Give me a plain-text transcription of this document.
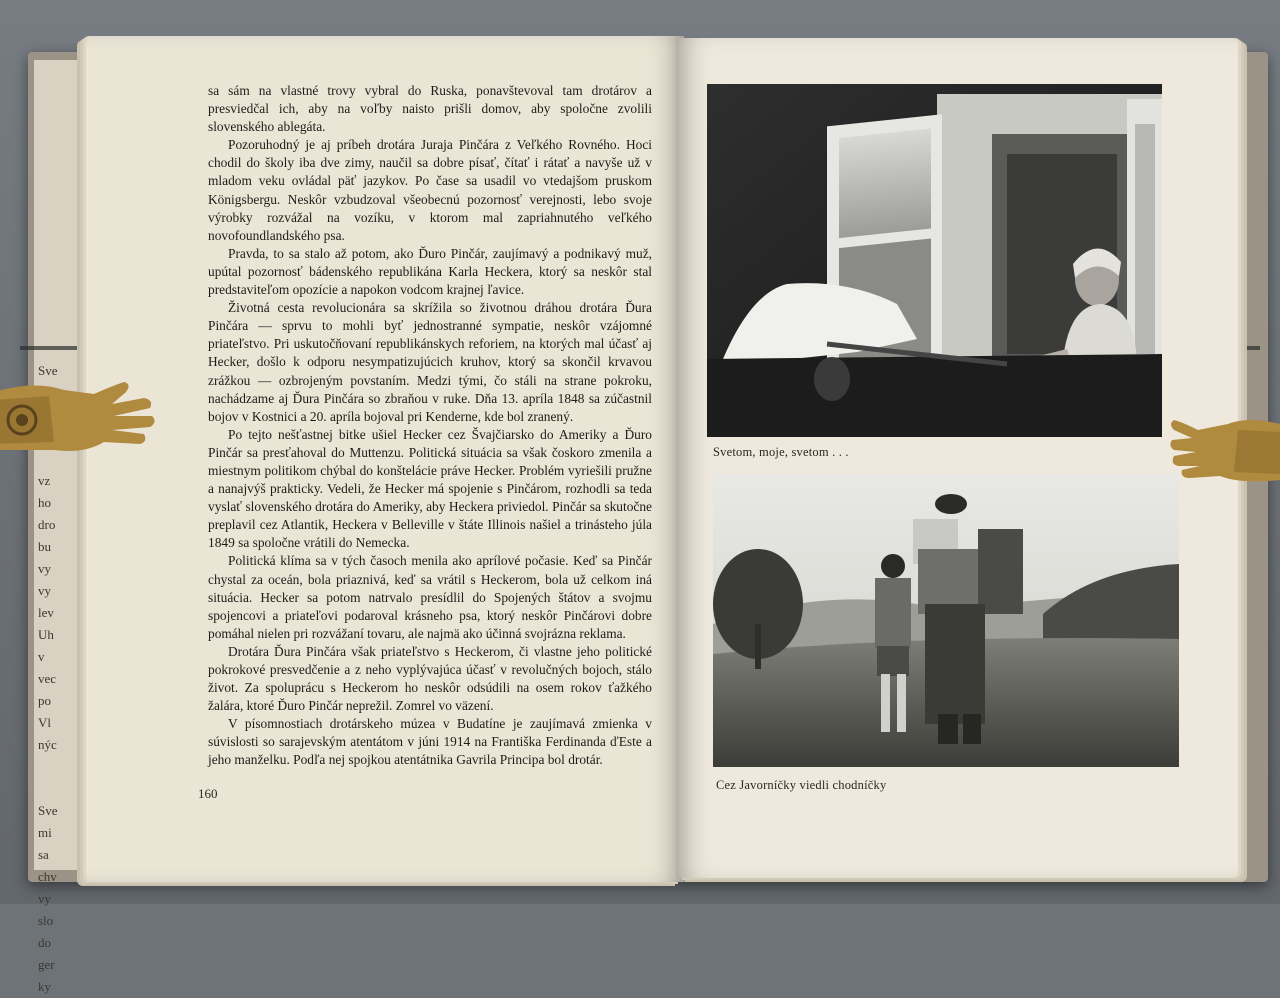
Sve

vz
ho
dro
bu
vy
vy
lev
Uh
v
vec
po
Vl
nýc

Sve
mi
sa
chv
vy
slo
do
ger
ky

sa sám na vlastné trovy vybral do Ruska, ponavštevoval tam drotárov a presviedčal ich, aby na voľby naisto prišli domov, aby spoločne zvolili slovenského ablegáta.

Pozoruhodný je aj príbeh drotára Juraja Pinčára z Veľkého Rovného. Hoci chodil do školy iba dve zimy, naučil sa dobre písať, čítať i rátať a navyše už v mladom veku ovládal päť jazykov. Po čase sa usadil vo vtedajšom pruskom Königsbergu. Neskôr vzbudzoval všeobecnú pozornosť verejnosti, lebo svoje výrobky rozvážal na vozíku, v ktorom mal zapriahnutého veľkého novofoundlandského psa.

Pravda, to sa stalo až potom, ako Ďuro Pinčár, zaujímavý a podnikavý muž, upútal pozornosť bádenského republikána Karla Heckera, ktorý sa neskôr stal predstaviteľom opozície a napokon vodcom krajnej ľavice.

Životná cesta revolucionára sa skrížila so životnou dráhou drotára Ďura Pinčára — sprvu to mohli byť jednostranné sympatie, neskôr vzájomné priateľstvo. Pri uskutočňovaní republikánskych reforiem, na ktorých mal účasť aj Hecker, došlo k odporu nesympatizujúcich kruhov, ktorý sa skončil krvavou zrážkou — ozbrojeným povstaním. Medzi tými, čo stáli na strane pokroku, nachádzame aj Ďura Pinčára so zbraňou v ruke. Dňa 13. apríla 1848 sa zúčastnil bojov v Kostnici a 20. apríla bojoval pri Kenderne, kde bol zranený.

Po tejto nešťastnej bitke ušiel Hecker cez Švajčiarsko do Ameriky a Ďuro Pinčár sa presťahoval do Muttenzu. Politická situácia sa však čoskoro zmenila a miestnym politikom chýbal do konštelácie práve Hecker. Problém vyriešili pružne a nanajvýš prakticky. Vedeli, že Hecker má spojenie s Pinčárom, rozhodli sa teda vyslať slovenského drotára do Ameriky, aby Heckera priviedol. Pinčár sa skutočne preplavil cez Atlantik, Heckera v Belleville v štáte Illinois našiel a trinásteho júla 1849 sa spoločne vrátili do Nemecka.

Politická klíma sa v tých časoch menila ako aprílové počasie. Keď sa Pinčár chystal za oceán, bola priaznivá, keď sa vrátil s Heckerom, bola už celkom iná situácia. Hecker sa potom natrvalo presídlil do Spojených štátov a svojmu spojencovi a priateľovi podaroval krásneho psa, ktorý neskôr Pinčárovi dobre pomáhal nielen pri rozvážaní tovaru, ale najmä ako účinná svojrázna reklama.

Drotára Ďura Pinčára však priateľstvo s Heckerom, či vlastne jeho politické pokrokové presvedčenie a z neho vyplývajúca účasť v revolučných bojoch, stálo život. Za spoluprácu s Heckerom ho neskôr odsúdili na osem rokov ťažkého žalára, ktoré Ďuro Pinčár neprežil. Zomrel vo väzení.

V písomnostiach drotárskeho múzea v Budatíne je zaujímavá zmienka v súvislosti so sarajevským atentátom v júni 1914 na Františka Ferdinanda ďEste a jeho manželku. Podľa nej spojkou atentátnika Gavrila Principa bol drotár.

160
Svetom, moje, svetom . . .
Cez Javorníčky viedli chodníčky
